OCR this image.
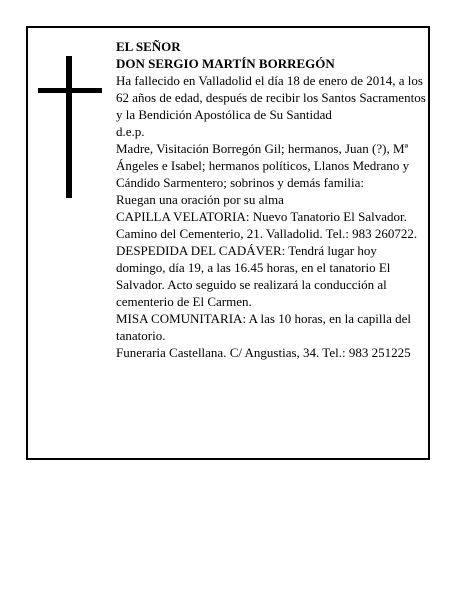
EL SEÑOR

DON SERGIO MARTÍN BORREGÓN

Ha fallecido en Valladolid el día 18 de enero de 2014, a los 62 años de edad, después de recibir los Santos Sacramentos y la Bendición Apostólica de Su Santidad

d.e.p.

Madre, Visitación Borregón Gil; hermanos, Juan (?), Mª Ángeles e Isabel; hermanos políticos, Llanos Medrano y Cándido Sarmentero; sobrinos y demás familia:

Ruegan una oración por su alma

CAPILLA VELATORIA: Nuevo Tanatorio El Salvador. Camino del Cementerio, 21. Valladolid. Tel.: 983 260722.

DESPEDIDA DEL CADÁVER: Tendrá lugar hoy domingo, día 19, a las 16.45 horas, en el tanatorio El Salvador. Acto seguido se realizará la conducción al cementerio de El Carmen.

MISA COMUNITARIA: A las 10 horas, en la capilla del tanatorio.

Funeraria Castellana. C/ Angustias, 34. Tel.: 983 251225
